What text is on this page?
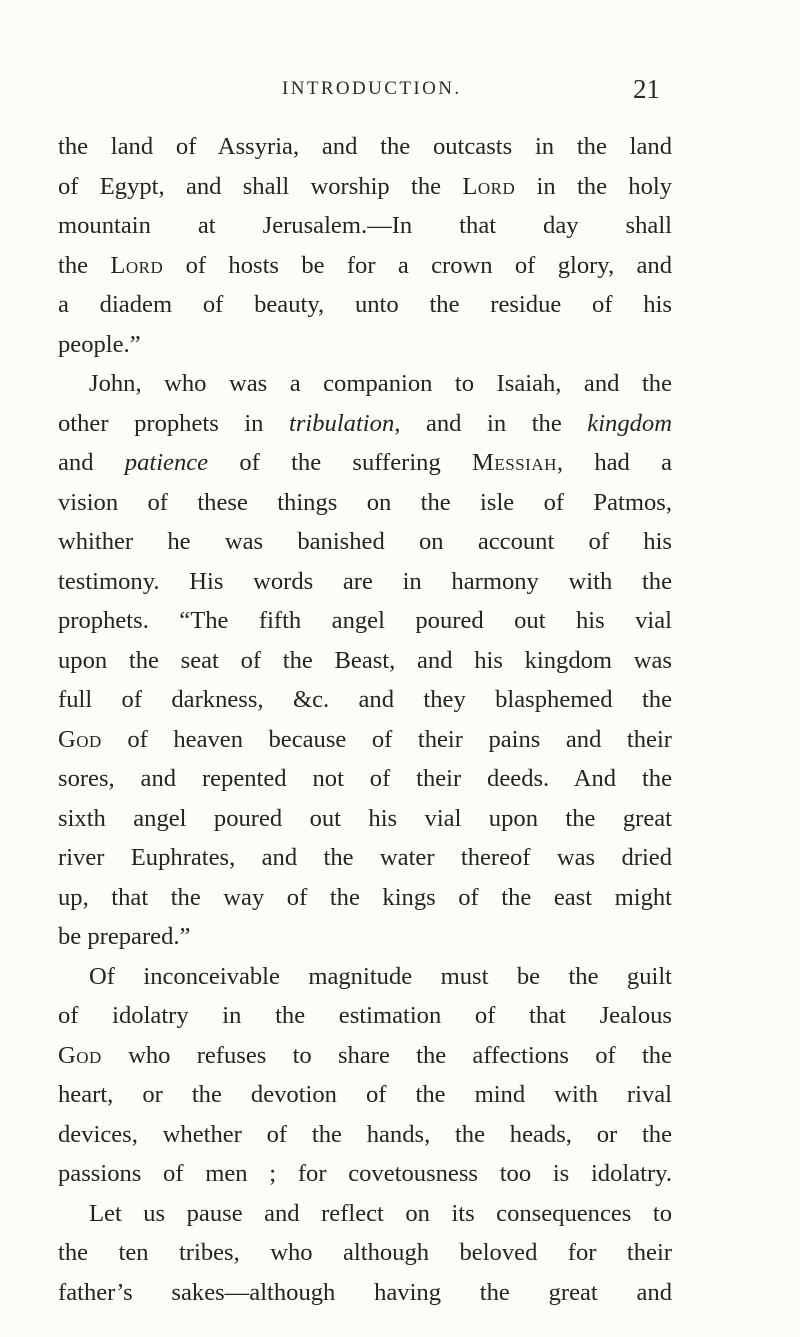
INTRODUCTION.	21
the land of Assyria, and the outcasts in the land
of Egypt, and shall worship the Lord in the holy
mountain at Jerusalem.—In that day shall
the Lord of hosts be for a crown of glory, and
a diadem of beauty, unto the residue of his
people.”
John, who was a companion to Isaiah, and the
other prophets in tribulation, and in the kingdom
and patience of the suffering Messiah, had a
vision of these things on the isle of Patmos,
whither he was banished on account of his
testimony. His words are in harmony with the
prophets. “The fifth angel poured out his vial
upon the seat of the Beast, and his kingdom was
full of darkness, &c. and they blasphemed the
God of heaven because of their pains and their
sores, and repented not of their deeds. And the
sixth angel poured out his vial upon the great
river Euphrates, and the water thereof was dried
up, that the way of the kings of the east might
be prepared.”
Of inconceivable magnitude must be the guilt
of idolatry in the estimation of that Jealous
God who refuses to share the affections of the
heart, or the devotion of the mind with rival
devices, whether of the hands, the heads, or the
passions of men ; for covetousness too is idolatry.
Let us pause and reflect on its consequences to
the ten tribes, who although beloved for their
father’s sakes—although having the great and
